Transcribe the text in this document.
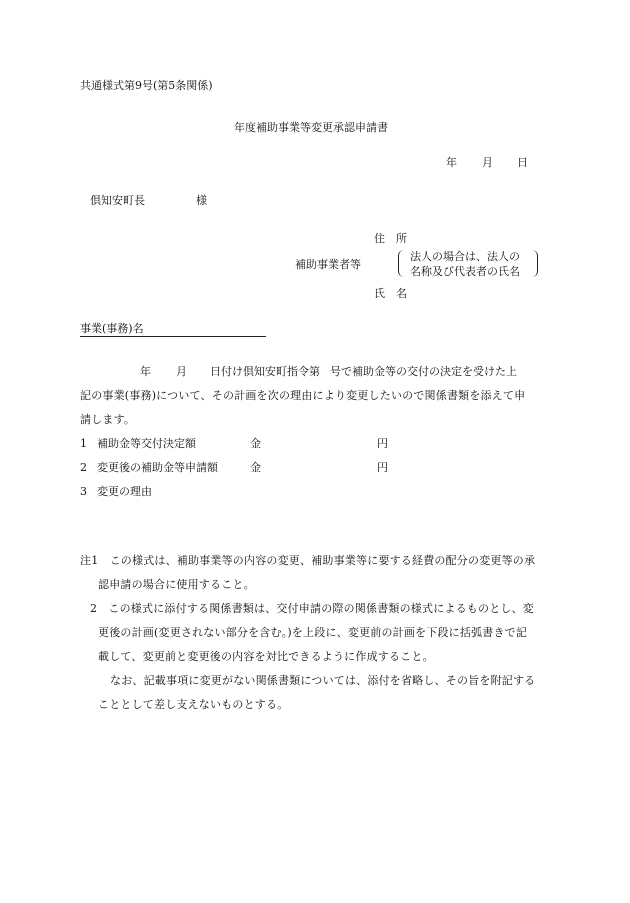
共通様式第9号(第5条関係)
年度補助事業等変更承認申請書
年 月 日
倶知安町長	様
住　所
補助事業者等
法人の場合は、法人の
名称及び代表者の氏名
氏　名
事業(事務)名
年 月 日付け倶知安町指令第 号で補助金等の交付の決定を受けた上
記の事業(事務)について、その計画を次の理由により変更したいので関係書類を添えて申
請します。
1 補助金等交付決定額	金	円
2 変更後の補助金等申請額	金	円
3 変更の理由
注1　この様式は、補助事業等の内容の変更、補助事業等に要する経費の配分の変更等の承
認申請の場合に使用すること。
2　この様式に添付する関係書類は、交付申請の際の関係書類の様式によるものとし、変
更後の計画(変更されない部分を含む。)を上段に、変更前の計画を下段に括弧書きで記
載して、変更前と変更後の内容を対比できるように作成すること。
なお、記載事項に変更がない関係書類については、添付を省略し、その旨を附記する
こととして差し支えないものとする。
